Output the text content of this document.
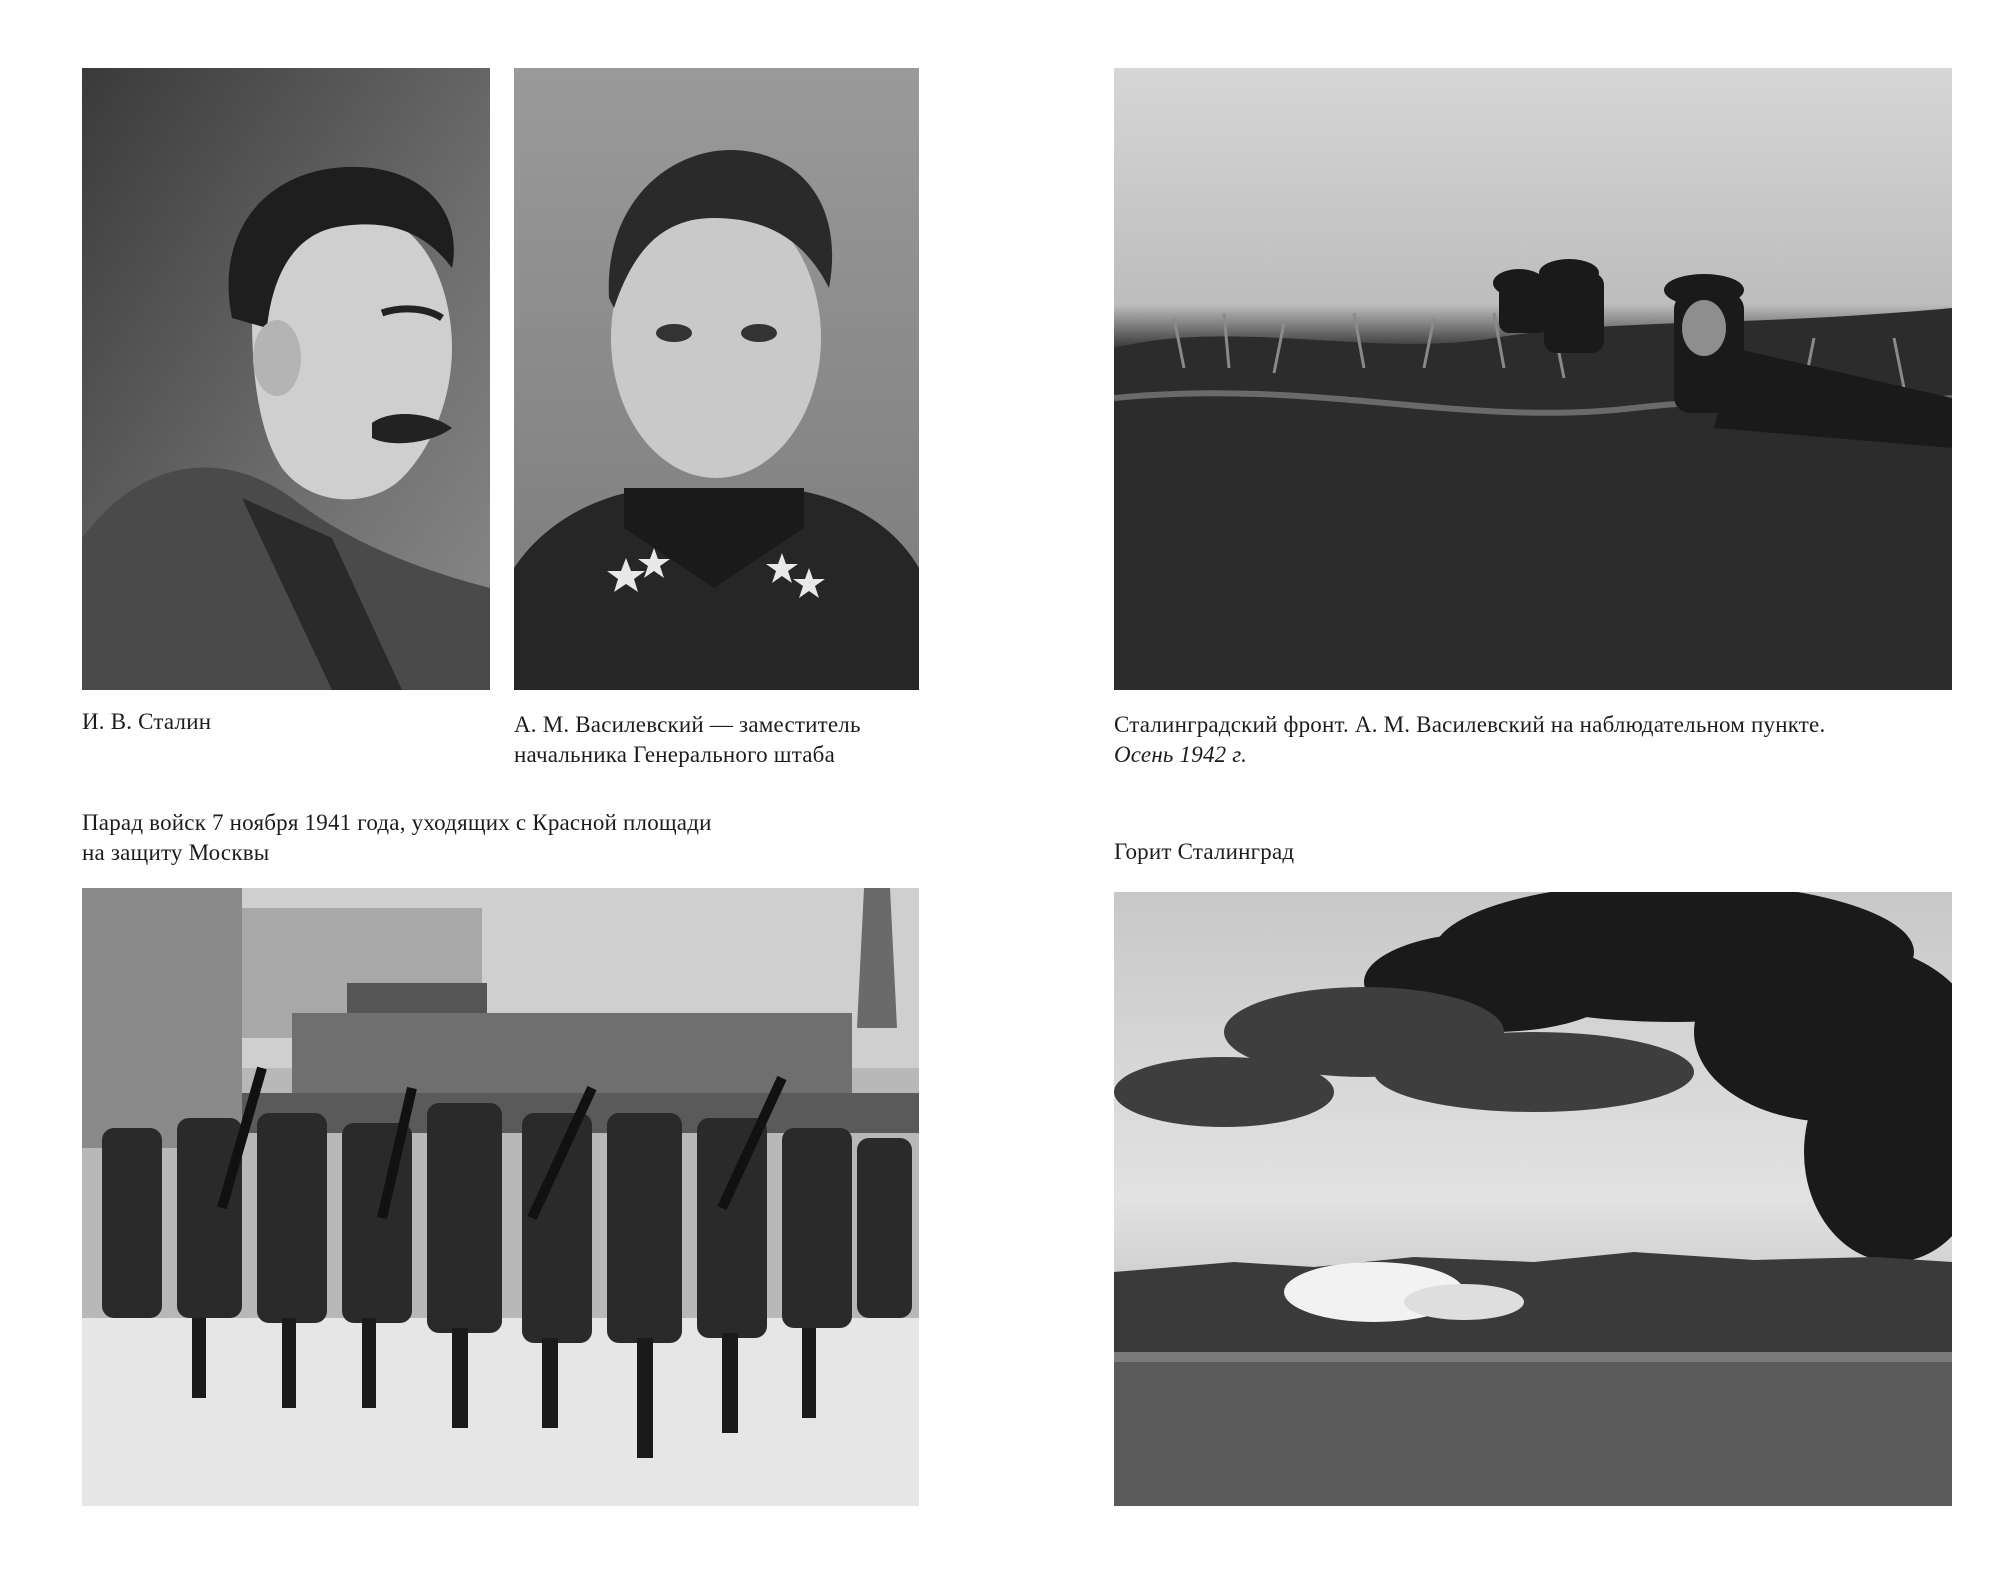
И. В. Сталин	А. М. Василевский — заместитель
начальника Генерального штаба
Сталинградский фронт. А. М. Василевский на наблюдательном пункте.
Осень 1942 г.
Парад войск 7 ноября 1941 года, уходящих с Красной площади
на защиту Москвы	Горит Сталинград
